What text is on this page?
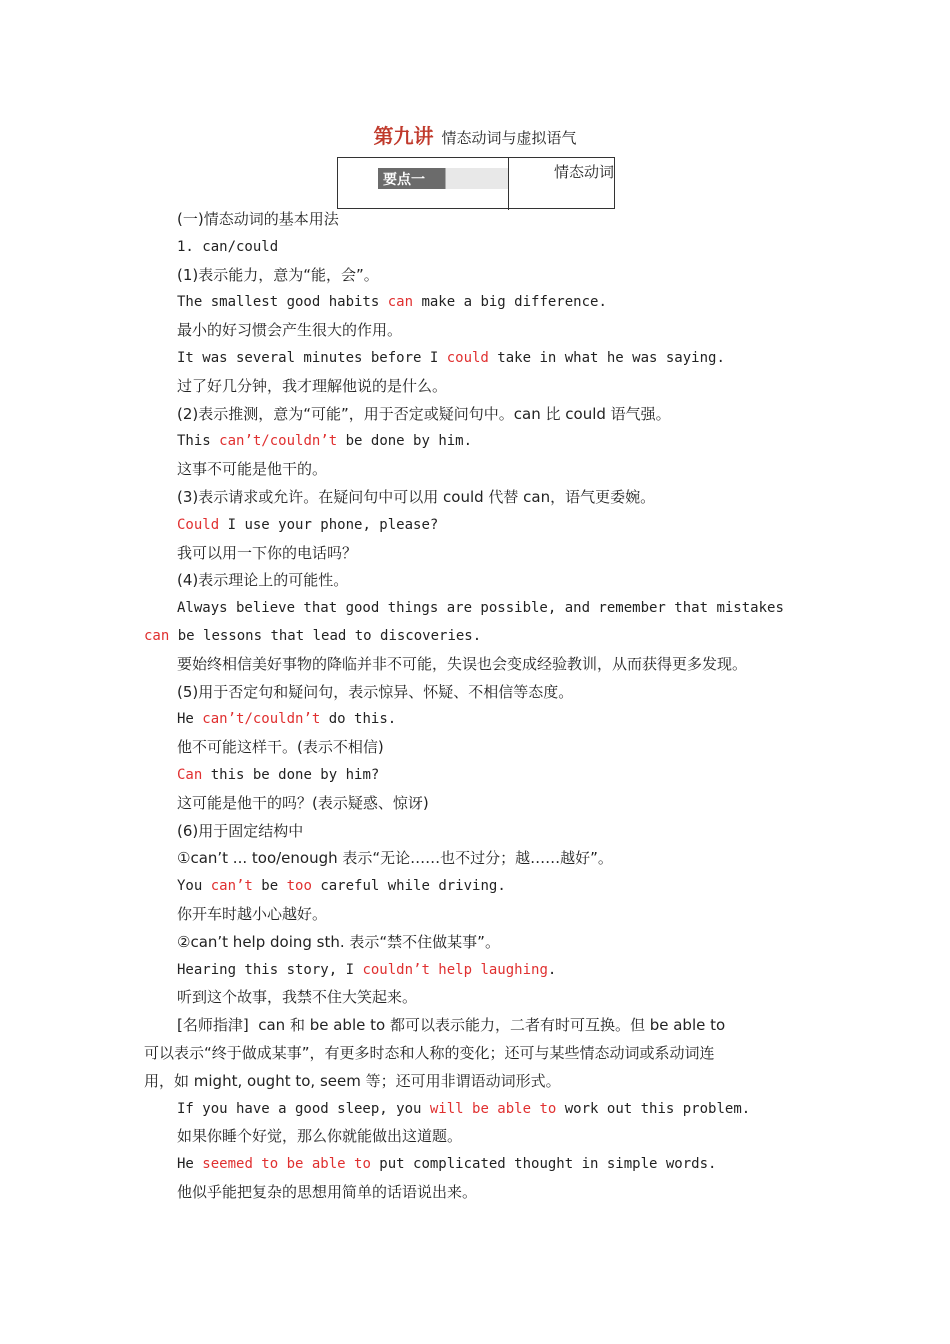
第九讲 情态动词与虚拟语气
要点一	情态动词

(一)情态动词的基本用法

1. can/could

(1)表示能力，意为“能，会”。

The smallest good habits can make a big difference.

最小的好习惯会产生很大的作用。

It was several minutes before I could take in what he was saying.

过了好几分钟，我才理解他说的是什么。

(2)表示推测，意为“可能”，用于否定或疑问句中。can 比 could 语气强。

This can’t/couldn’t be done by him.

这事不可能是他干的。

(3)表示请求或允许。在疑问句中可以用 could 代替 can，语气更委婉。

Could I use your phone, please?

我可以用一下你的电话吗？

(4)表示理论上的可能性。

Always believe that good things are possible, and remember that mistakes

can be lessons that lead to discoveries.

要始终相信美好事物的降临并非不可能，失误也会变成经验教训，从而获得更多发现。

(5)用于否定句和疑问句，表示惊异、怀疑、不相信等态度。

He can’t/couldn’t do this.

他不可能这样干。(表示不相信)

Can this be done by him?

这可能是他干的吗？(表示疑惑、惊讶)

(6)用于固定结构中

①can’t ... too/enough 表示“无论……也不过分；越……越好”。

You can’t be too careful while driving.

你开车时越小心越好。

②can’t help doing sth. 表示“禁不住做某事”。

Hearing this story, I couldn’t help laughing.

听到这个故事，我禁不住大笑起来。

[名师指津]  can 和 be able to 都可以表示能力，二者有时可互换。但 be able to

可以表示“终于做成某事”，有更多时态和人称的变化；还可与某些情态动词或系动词连

用，如 might, ought to, seem 等；还可用非谓语动词形式。

If you have a good sleep, you will be able to work out this problem.

如果你睡个好觉，那么你就能做出这道题。

He seemed to be able to put complicated thought in simple words.

他似乎能把复杂的思想用简单的话语说出来。
